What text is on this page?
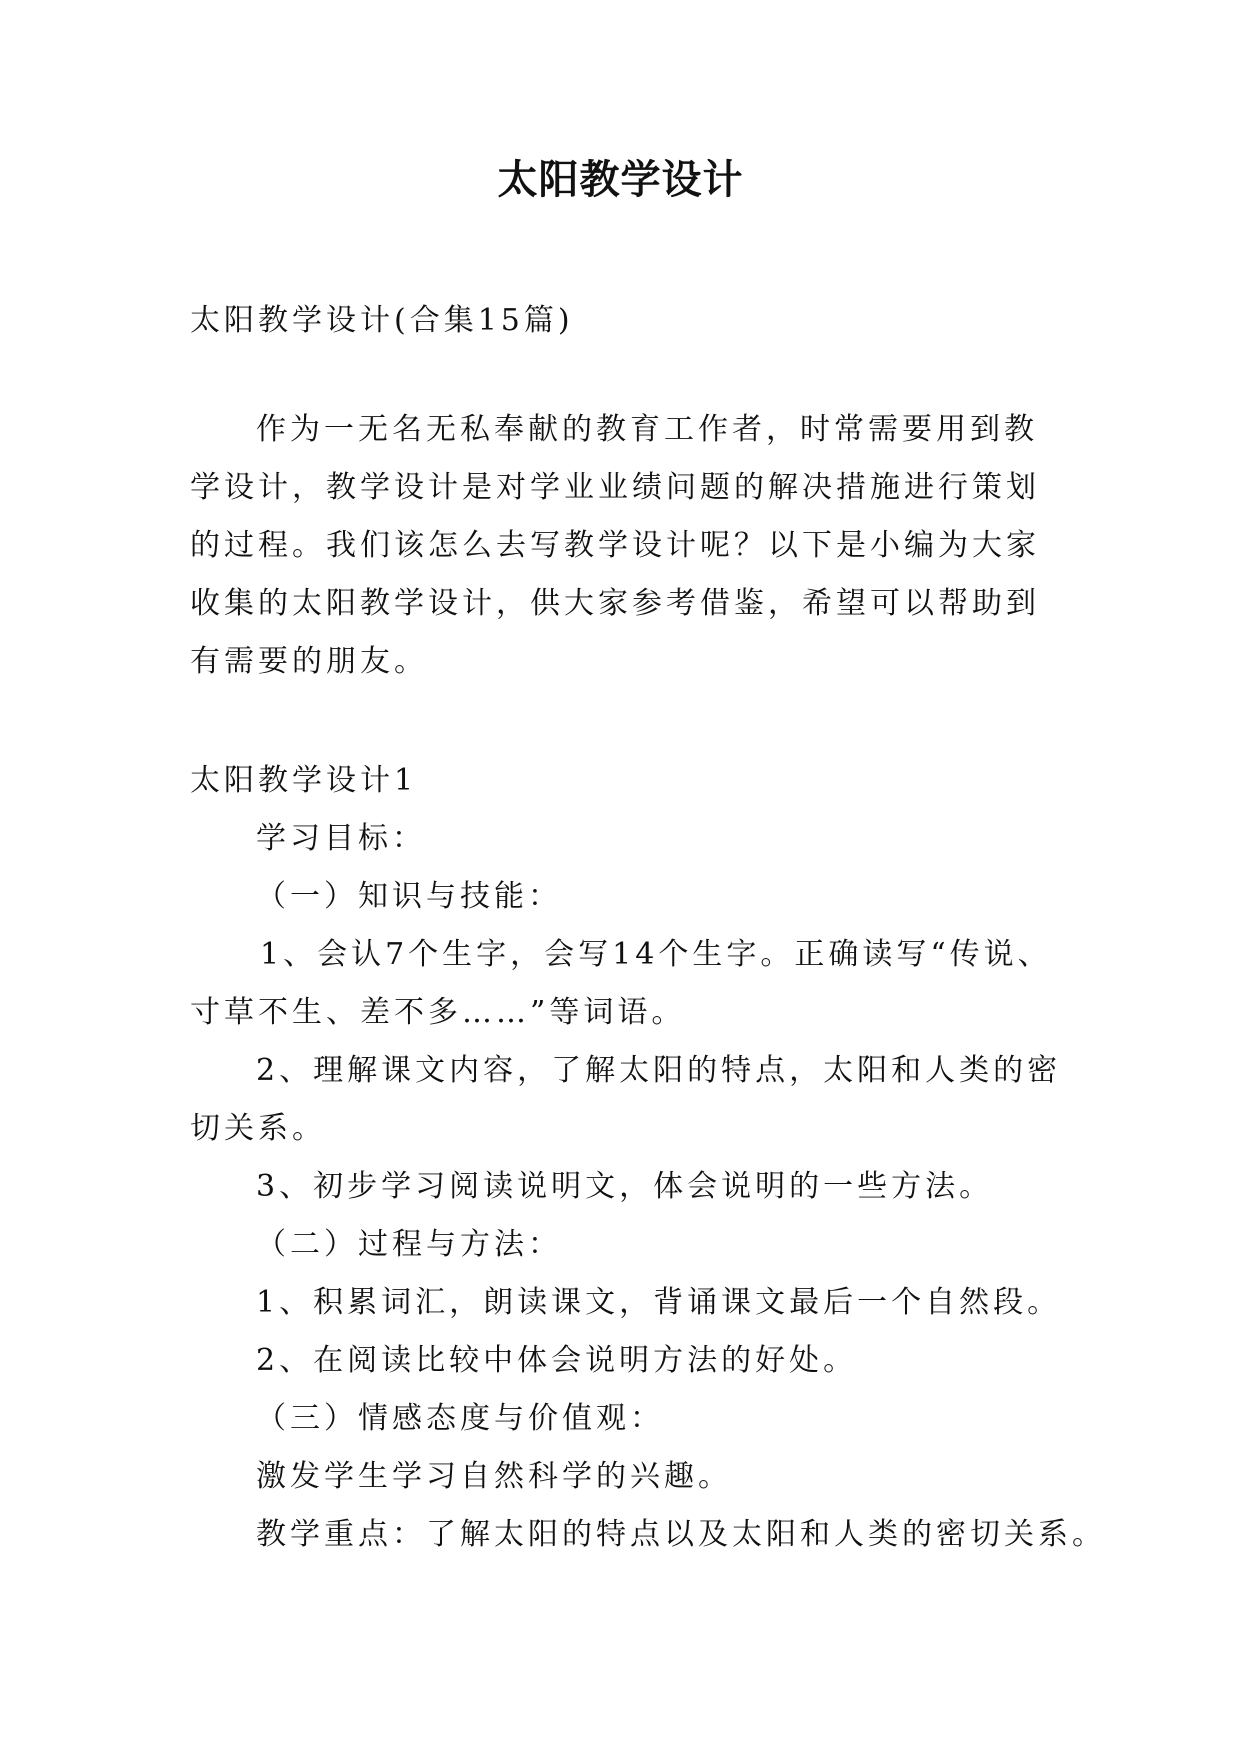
太阳教学设计
太阳教学设计(合集15篇)
作为一无名无私奉献的教育工作者，时常需要用到教学设计，教学设计是对学业业绩问题的解决措施进行策划的过程。我们该怎么去写教学设计呢？以下是小编为大家收集的太阳教学设计，供大家参考借鉴，希望可以帮助到有需要的朋友。
太阳教学设计1
学习目标：
（一）知识与技能：
1、会认7个生字，会写14个生字。正确读写“传说、
寸草不生、差不多……”等词语。
2、理解课文内容，了解太阳的特点，太阳和人类的密
切关系。
3、初步学习阅读说明文，体会说明的一些方法。
（二）过程与方法：
1、积累词汇，朗读课文，背诵课文最后一个自然段。
2、在阅读比较中体会说明方法的好处。
（三）情感态度与价值观：
激发学生学习自然科学的兴趣。
教学重点：了解太阳的特点以及太阳和人类的密切关系。
